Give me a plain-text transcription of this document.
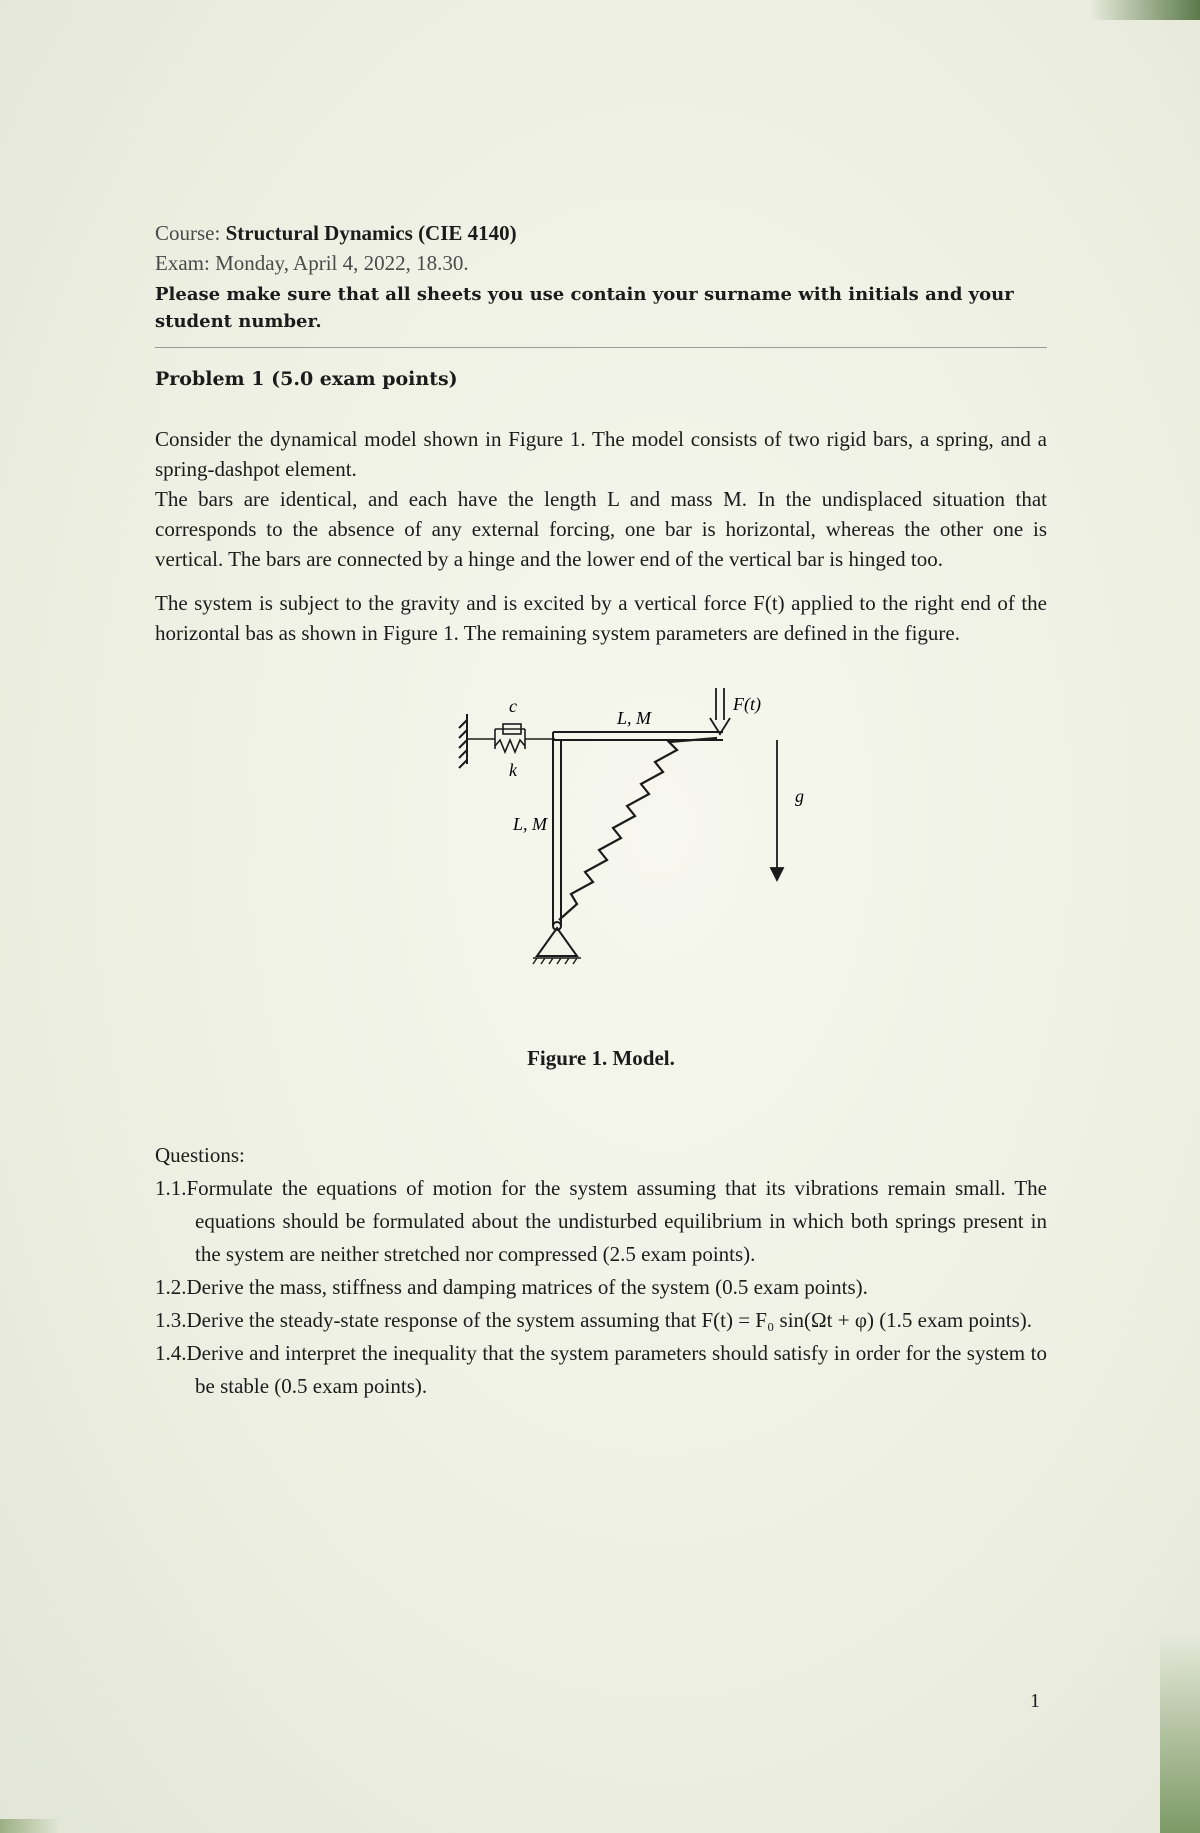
Course: Structural Dynamics (CIE 4140)
Exam: Monday, April 4, 2022, 18.30.
Please make sure that all sheets you use contain your surname with initials and your student number.
Problem 1 (5.0 exam points)
Consider the dynamical model shown in Figure 1. The model consists of two rigid bars, a spring, and a spring-dashpot element.
The bars are identical, and each have the length L and mass M. In the undisplaced situation that corresponds to the absence of any external forcing, one bar is horizontal, whereas the other one is vertical. The bars are connected by a hinge and the lower end of the vertical bar is hinged too.
The system is subject to the gravity and is excited by a vertical force F(t) applied to the right end of the horizontal bas as shown in Figure 1. The remaining system parameters are defined in the figure.
c
k
L, M
L, M
F(t)
g
Figure 1. Model.
Questions:
1.1.Formulate the equations of motion for the system assuming that its vibrations remain small. The equations should be formulated about the undisturbed equilibrium in which both springs present in the system are neither stretched nor compressed (2.5 exam points).
1.2.Derive the mass, stiffness and damping matrices of the system (0.5 exam points).
1.3.Derive the steady-state response of the system assuming that F(t) = F₀ sin(Ωt + φ) (1.5 exam points).
1.4.Derive and interpret the inequality that the system parameters should satisfy in order for the system to be stable (0.5 exam points).
1
